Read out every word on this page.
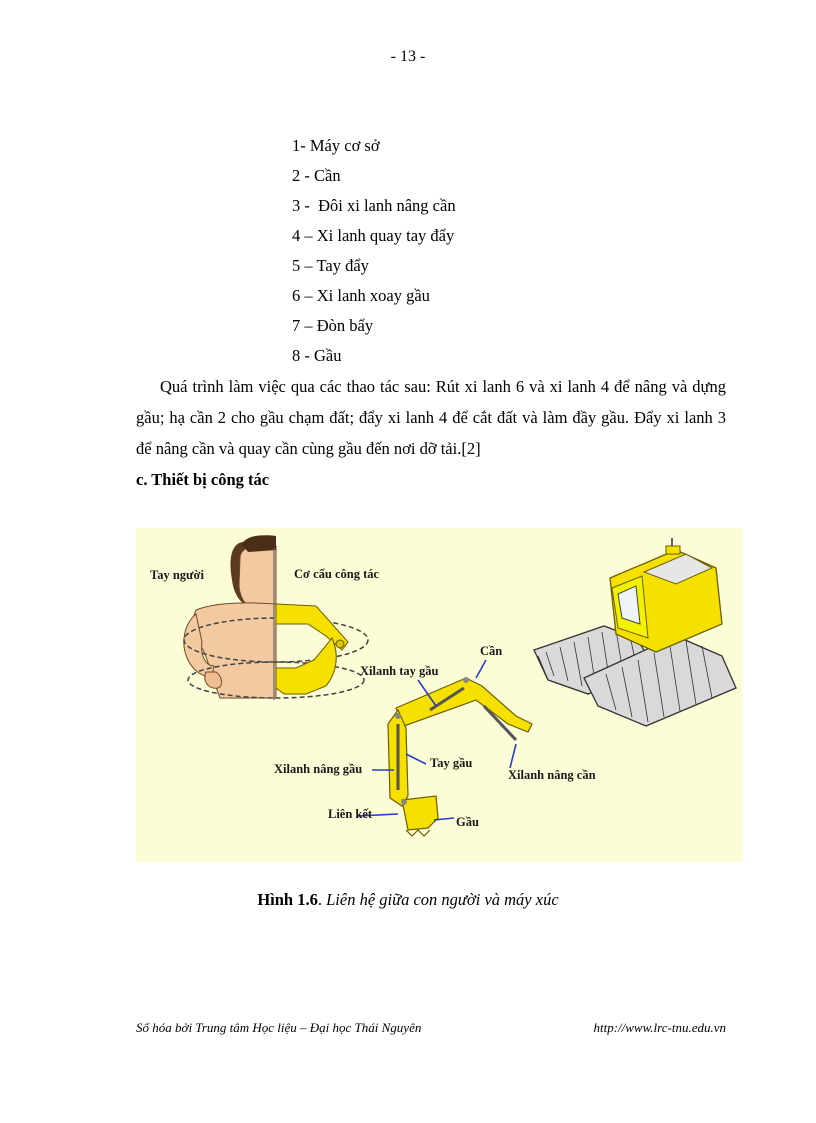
- 13 -
1- Máy cơ sở
2 - Cần
3 -  Đôi xi lanh nâng cần
4 – Xi lanh quay tay đẩy
5 – Tay đẩy
6 – Xi lanh xoay gầu
7 – Đòn bẩy
8 - Gầu
Quá trình làm việc qua các thao tác sau: Rút xi lanh 6 và xi lanh 4 để nâng và dựng gầu; hạ cần 2 cho gầu chạm đất; đẩy xi lanh 4 để cắt đất và làm đầy gầu. Đẩy xi lanh 3 để nâng cần và quay cần cùng gầu đến nơi dỡ tải.[2]
c. Thiết bị công tác
Tay người	Cơ cấu công tác
Cần
Xilanh tay gầu
Xilanh nâng gầu	Tay gầu
Xilanh nâng cần
Liên kết
Gầu
Hình 1.6. Liên hệ giữa con người và máy xúc
Số hóa bởi Trung tâm Học liệu – Đại học Thái Nguyên	http://www.lrc-tnu.edu.vn
